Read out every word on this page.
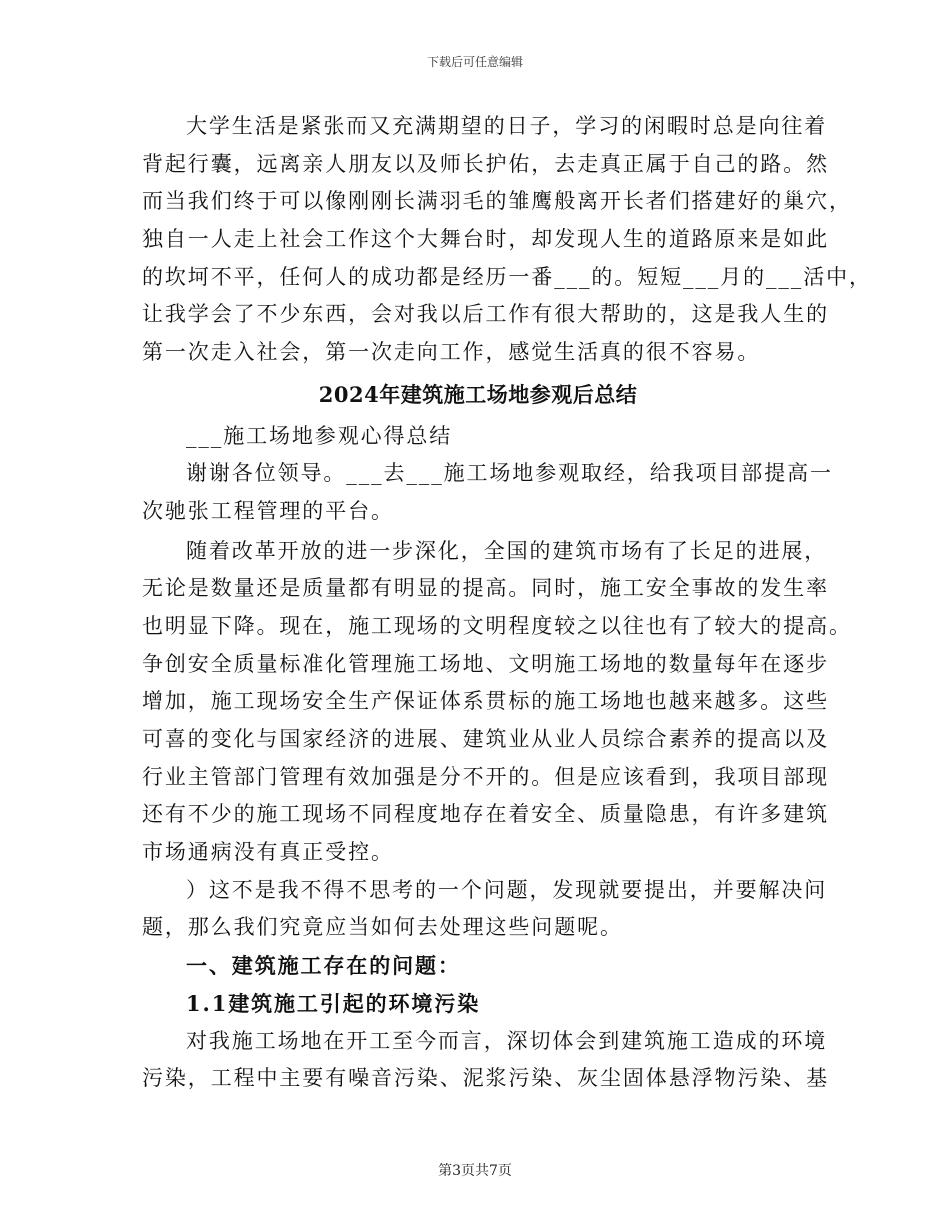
下载后可任意编辑
大学生活是紧张而又充满期望的日子，学习的闲暇时总是向往着
背起行囊，远离亲人朋友以及师长护佑，去走真正属于自己的路。然
而当我们终于可以像刚刚长满羽毛的雏鹰般离开长者们搭建好的巢穴，
独自一人走上社会工作这个大舞台时，却发现人生的道路原来是如此
的坎坷不平，任何人的成功都是经历一番___的。短短___月的___活中，
让我学会了不少东西，会对我以后工作有很大帮助的，这是我人生的
第一次走入社会，第一次走向工作，感觉生活真的很不容易。
2024年建筑施工场地参观后总结
___施工场地参观心得总结
谢谢各位领导。___去___施工场地参观取经，给我项目部提高一
次驰张工程管理的平台。
随着改革开放的进一步深化，全国的建筑市场有了长足的进展，
无论是数量还是质量都有明显的提高。同时，施工安全事故的发生率
也明显下降。现在，施工现场的文明程度较之以往也有了较大的提高。
争创安全质量标准化管理施工场地、文明施工场地的数量每年在逐步
增加，施工现场安全生产保证体系贯标的施工场地也越来越多。这些
可喜的变化与国家经济的进展、建筑业从业人员综合素养的提高以及
行业主管部门管理有效加强是分不开的。但是应该看到，我项目部现
还有不少的施工现场不同程度地存在着安全、质量隐患，有许多建筑
市场通病没有真正受控。
）这不是我不得不思考的一个问题，发现就要提出，并要解决问
题，那么我们究竟应当如何去处理这些问题呢。
一、建筑施工存在的问题：
1.1建筑施工引起的环境污染
对我施工场地在开工至今而言，深切体会到建筑施工造成的环境
污染，工程中主要有噪音污染、泥浆污染、灰尘固体悬浮物污染、基
第3页共7页
